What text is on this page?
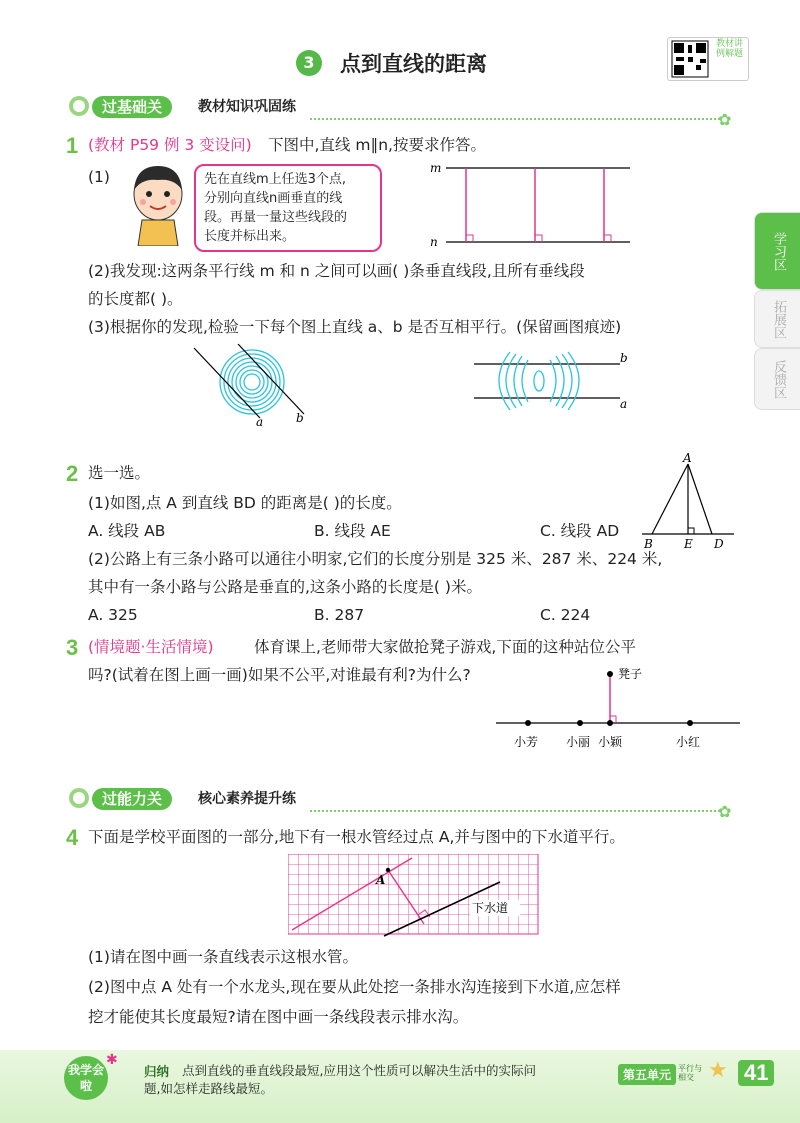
3	点到直线的距离
教材讲例解题
学习区
拓展区
反馈区
过基础关	教材知识巩固练
✿
1 (教材 P59 例 3 变设问) 下图中,直线 m∥n,按要求作答。
(1)	先在直线m上任选3个点,
分别向直线n画垂直的线
段。再量一量这些线段的
长度并标出来。
m
n
(2)我发现:这两条平行线 m 和 n 之间可以画( )条垂直线段,且所有垂线段
的长度都( )。
(3)根据你的发现,检验一下每个图上直线 a、b 是否互相平行。(保留画图痕迹)
a	b
b
a
2 选一选。
(1)如图,点 A 到直线 BD 的距离是( )的长度。
A. 线段 AB	B. 线段 AE	C. 线段 AD
(2)公路上有三条小路可以通往小明家,它们的长度分别是 325 米、287 米、224 米,
其中有一条小路与公路是垂直的,这条小路的长度是( )米。
A. 325	B. 287	C. 224
A
B	E D
3 (情境题·生活情境)	体育课上,老师带大家做抢凳子游戏,下面的这种站位公平
吗?(试着在图上画一画)如果不公平,对谁最有利?为什么?	凳子
小芳 小丽 小颖	小红
过能力关	核心素养提升练
✿
4 下面是学校平面图的一部分,地下有一根水管经过点 A,并与图中的下水道平行。
A
下水道
(1)请在图中画一条直线表示这根水管。
(2)图中点 A 处有一个水龙头,现在要从此处挖一条排水沟连接到下水道,应怎样
挖才能使其长度最短?请在图中画一条线段表示排水沟。
我学会啦
✱
归纳 点到直线的垂直线段最短,应用这个性质可以解决生活中的实际问
题,如怎样走路线最短。
第五单元 平行与相交 ★ 41
